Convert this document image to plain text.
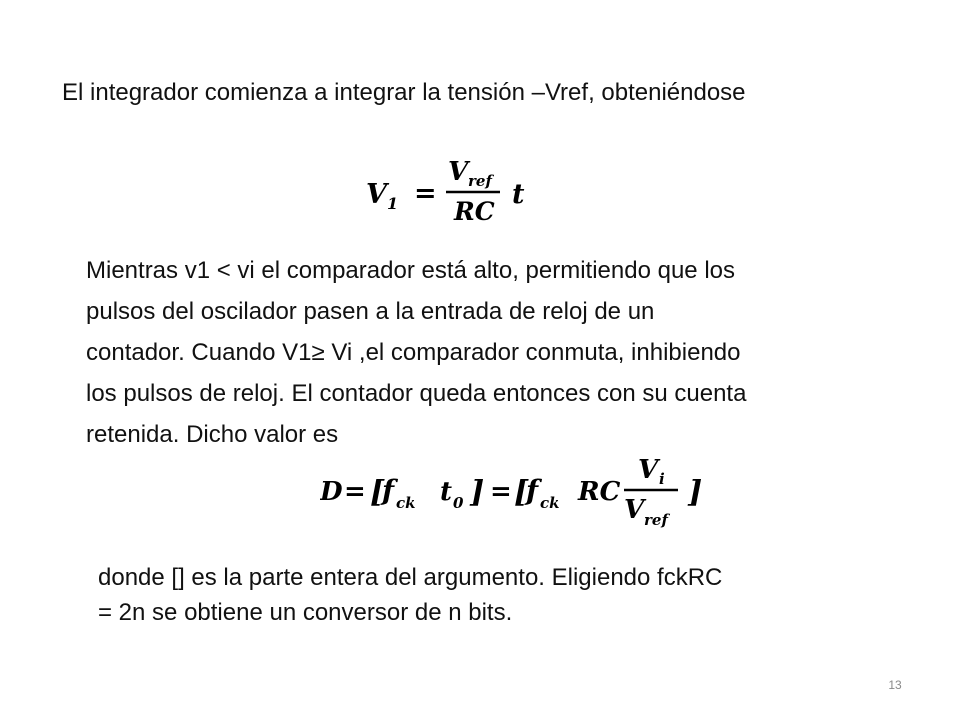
El integrador comienza a integrar la tensión –Vref, obteniéndose
V 1 =
V ref
RC
t
Mientras v1 < vi el comparador está alto, permitiendo que los
pulsos del oscilador pasen a la entrada de reloj de un
contador. Cuando V1≥ Vi ,el comparador conmuta, inhibiendo
los pulsos de reloj. El contador queda entonces con su cuenta
retenida. Dicho valor es
D = [
f ck t 0 ] = [
f ck RC
V i
V ref
]
donde [] es la parte entera del argumento. Eligiendo fckRC
= 2n se obtiene un conversor de n bits.
13
